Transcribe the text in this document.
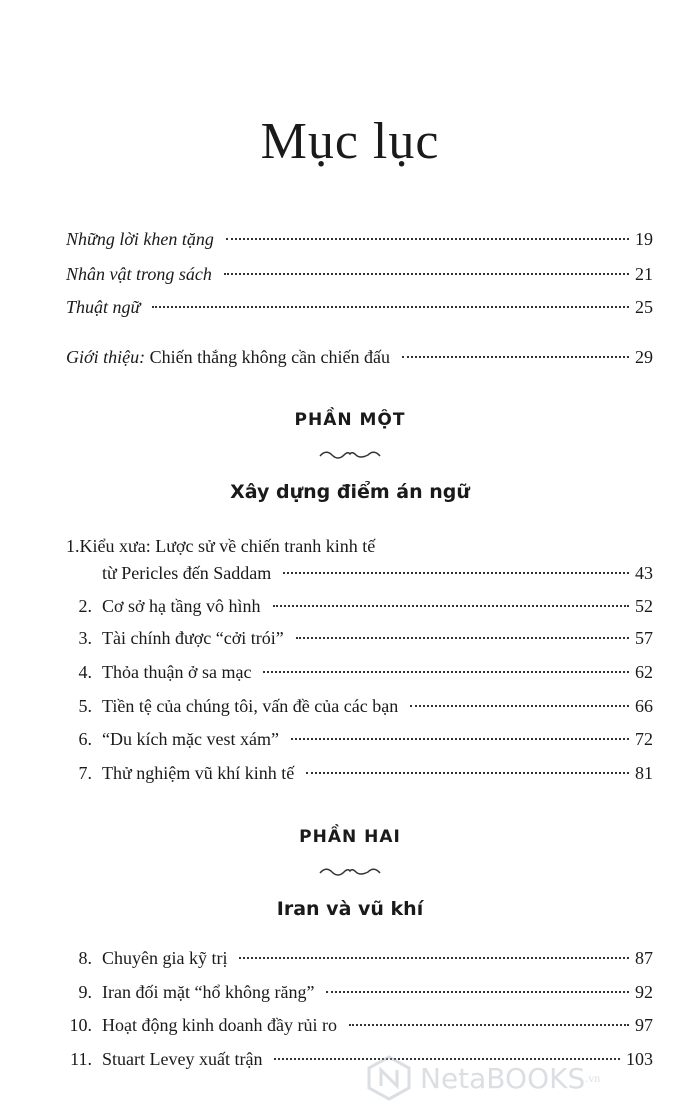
Mục lục
Những lời khen tặng	19
Nhân vật trong sách	21
Thuật ngữ	25
Giới thiệu: Chiến thắng không cần chiến đấu	29
PHẦN MỘT
Xây dựng điểm án ngữ
1.Kiểu xưa: Lược sử về chiến tranh kinh tế
từ Pericles đến Saddam	43
2. Cơ sở hạ tầng vô hình	52
3. Tài chính được “cởi trói”	57
4. Thỏa thuận ở sa mạc	62
5. Tiền tệ của chúng tôi, vấn đề của các bạn	66
6. “Du kích mặc vest xám”	72
7. Thử nghiệm vũ khí kinh tế	81
PHẦN HAI
Iran và vũ khí
8. Chuyên gia kỹ trị	87
9. Iran đối mặt “hổ không răng”	92
10. Hoạt động kinh doanh đầy rủi ro	97
11. Stuart Levey xuất trận	103
NetaBOOKS .vn
